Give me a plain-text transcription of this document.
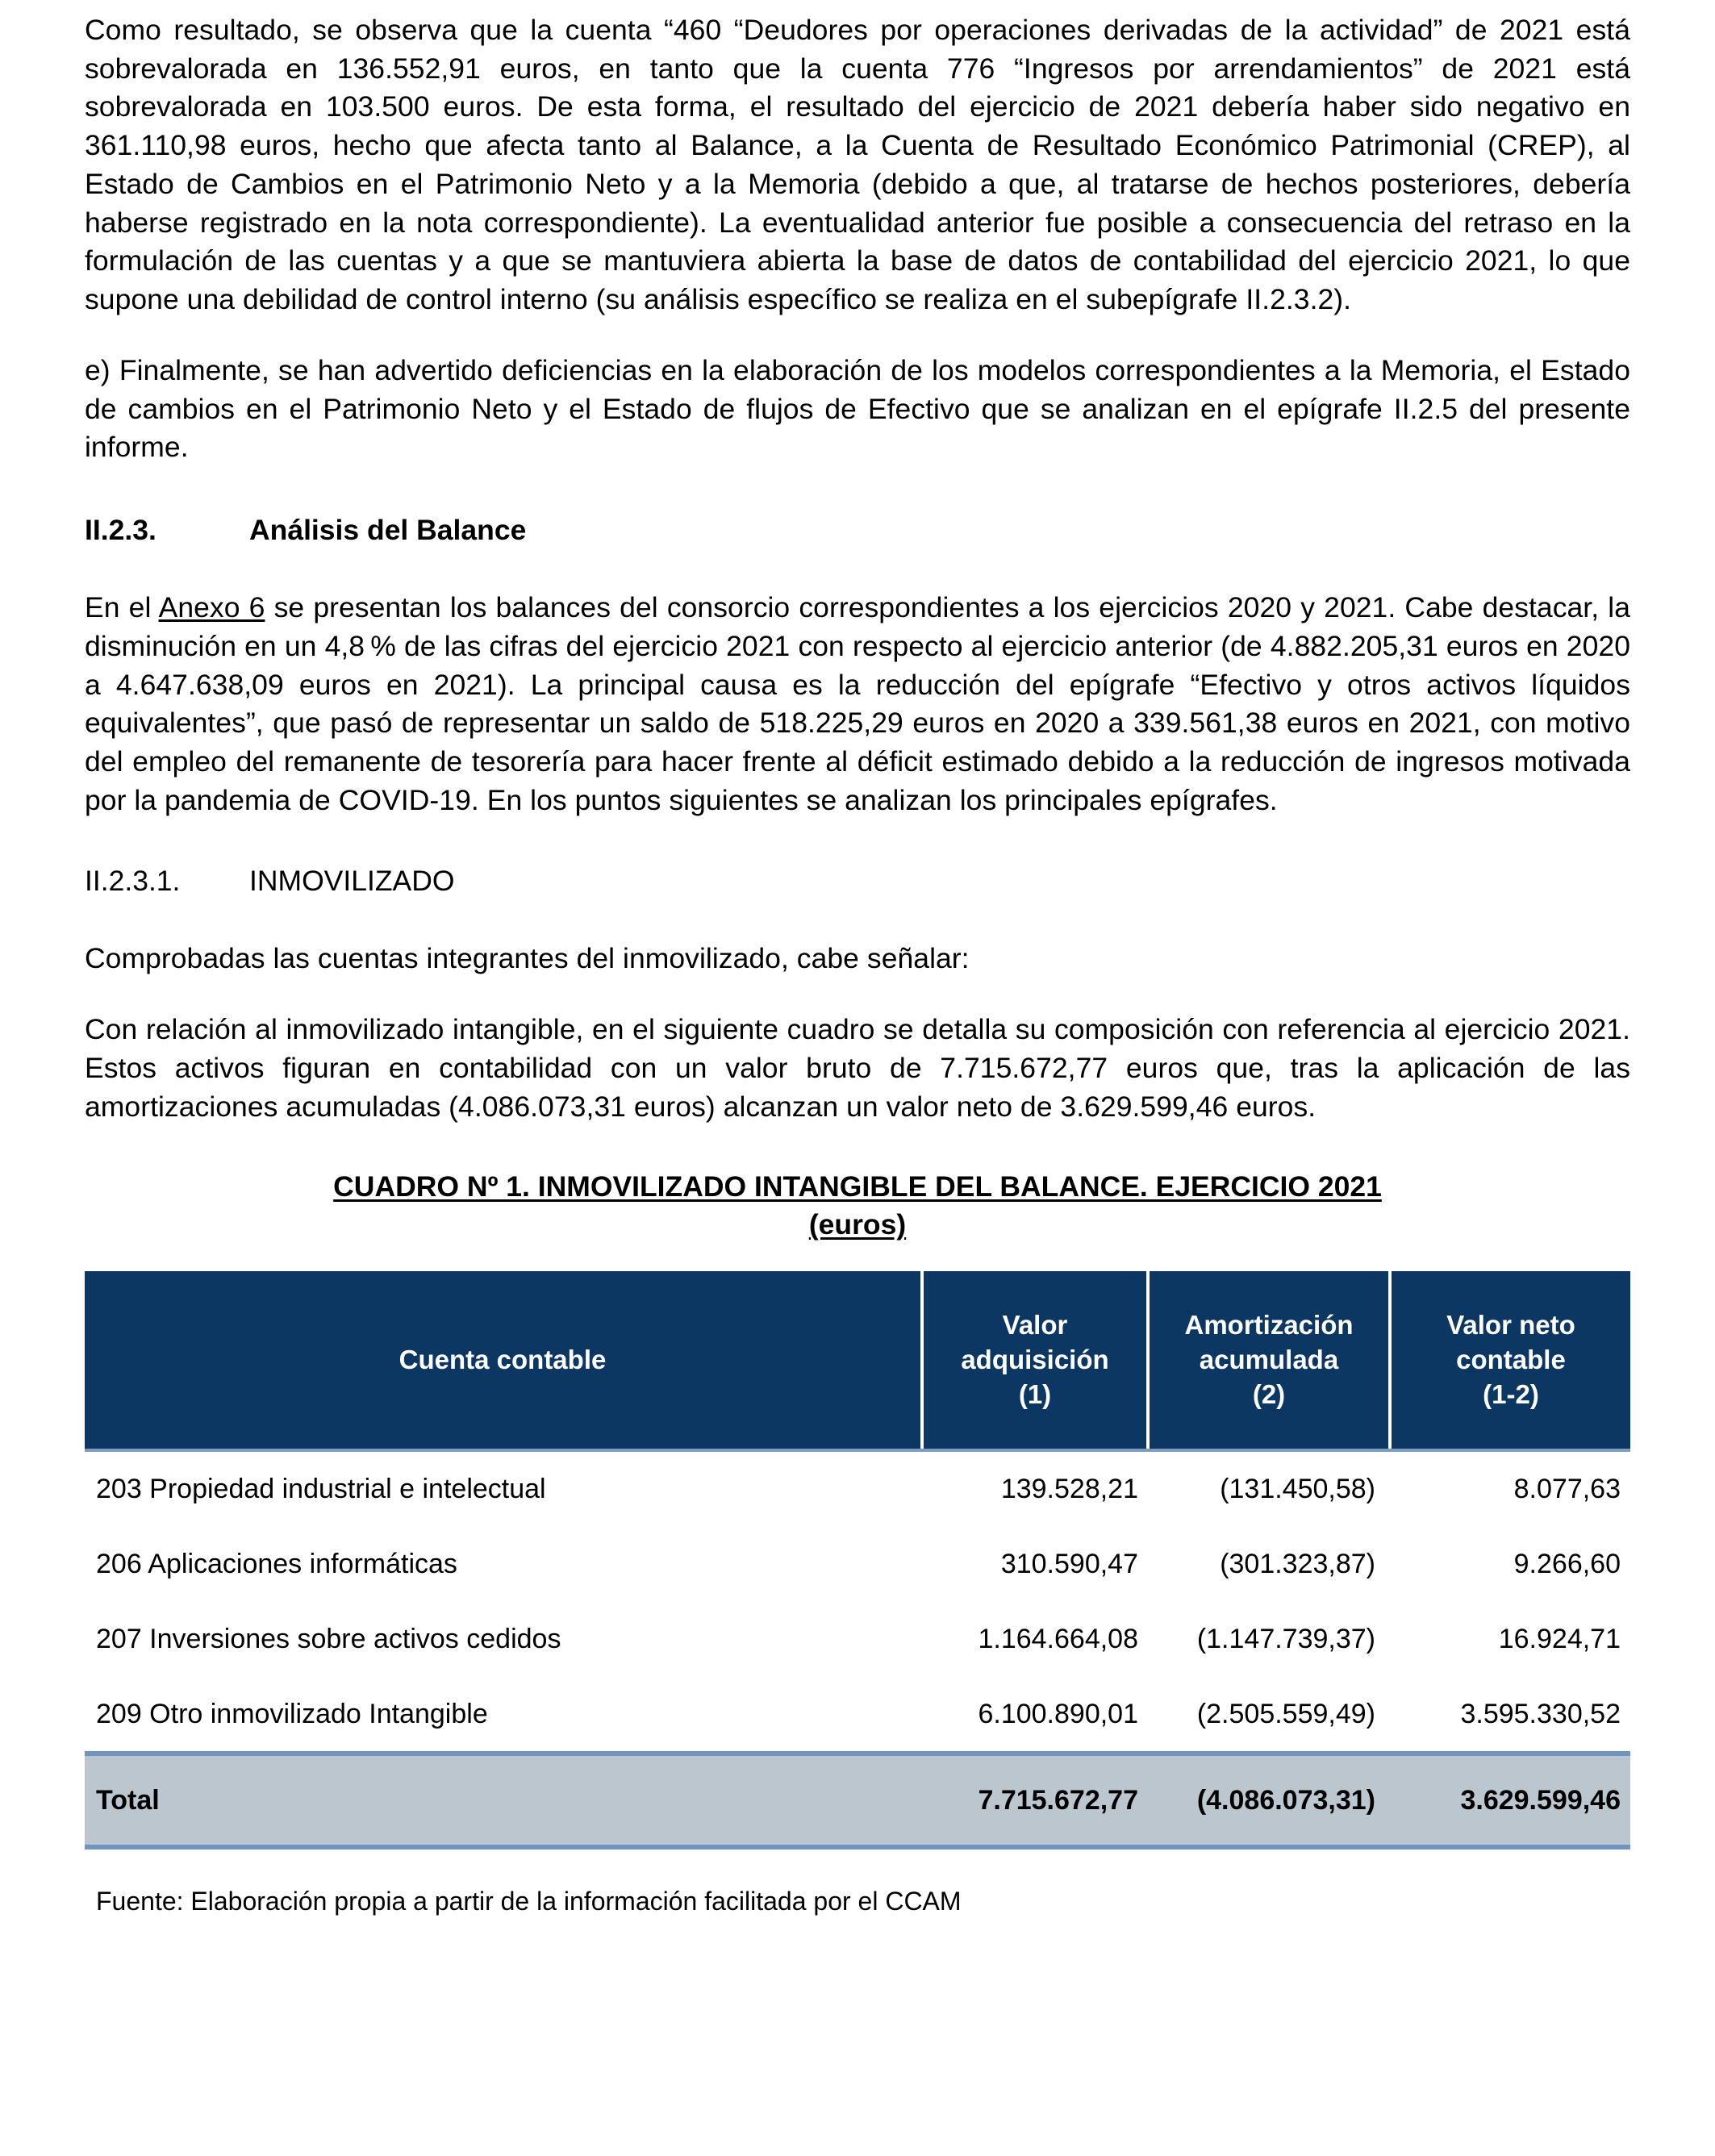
Como resultado, se observa que la cuenta “460 “Deudores por operaciones derivadas de la actividad” de 2021 está sobrevalorada en 136.552,91 euros, en tanto que la cuenta 776 “Ingresos por arrendamientos” de 2021 está sobrevalorada en 103.500 euros. De esta forma, el resultado del ejercicio de 2021 debería haber sido negativo en 361.110,98 euros, hecho que afecta tanto al Balance, a la Cuenta de Resultado Económico Patrimonial (CREP), al Estado de Cambios en el Patrimonio Neto y a la Memoria (debido a que, al tratarse de hechos posteriores, debería haberse registrado en la nota correspondiente). La eventualidad anterior fue posible a consecuencia del retraso en la formulación de las cuentas y a que se mantuviera abierta la base de datos de contabilidad del ejercicio 2021, lo que supone una debilidad de control interno (su análisis específico se realiza en el subepígrafe II.2.3.2).

e) Finalmente, se han advertido deficiencias en la elaboración de los modelos correspondientes a la Memoria, el Estado de cambios en el Patrimonio Neto y el Estado de flujos de Efectivo que se analizan en el epígrafe II.2.5 del presente informe.

II.2.3.	Análisis del Balance

En el Anexo 6 se presentan los balances del consorcio correspondientes a los ejercicios 2020 y 2021. Cabe destacar, la disminución en un 4,8 % de las cifras del ejercicio 2021 con respecto al ejercicio anterior (de 4.882.205,31 euros en 2020 a 4.647.638,09 euros en 2021). La principal causa es la reducción del epígrafe “Efectivo y otros activos líquidos equivalentes”, que pasó de representar un saldo de 518.225,29 euros en 2020 a 339.561,38 euros en 2021, con motivo del empleo del remanente de tesorería para hacer frente al déficit estimado debido a la reducción de ingresos motivada por la pandemia de COVID-19. En los puntos siguientes se analizan los principales epígrafes.

II.2.3.1.	INMOVILIZADO

Comprobadas las cuentas integrantes del inmovilizado, cabe señalar:

Con relación al inmovilizado intangible, en el siguiente cuadro se detalla su composición con referencia al ejercicio 2021. Estos activos figuran en contabilidad con un valor bruto de 7.715.672,77 euros que, tras la aplicación de las amortizaciones acumuladas (4.086.073,31 euros) alcanzan un valor neto de 3.629.599,46 euros.

CUADRO Nº 1. INMOVILIZADO INTANGIBLE DEL BALANCE. EJERCICIO 2021
(euros)
Cuenta contable	Valor
adquisición
(1)	Amortización
acumulada
(2)	Valor neto
contable
(1-2)
203 Propiedad industrial e intelectual	139.528,21	(131.450,58)	8.077,63
206 Aplicaciones informáticas	310.590,47	(301.323,87)	9.266,60
207 Inversiones sobre activos cedidos	1.164.664,08	(1.147.739,37)	16.924,71
209 Otro inmovilizado Intangible	6.100.890,01	(2.505.559,49)	3.595.330,52
Total	7.715.672,77	(4.086.073,31)	3.629.599,46
Fuente: Elaboración propia a partir de la información facilitada por el CCAM
